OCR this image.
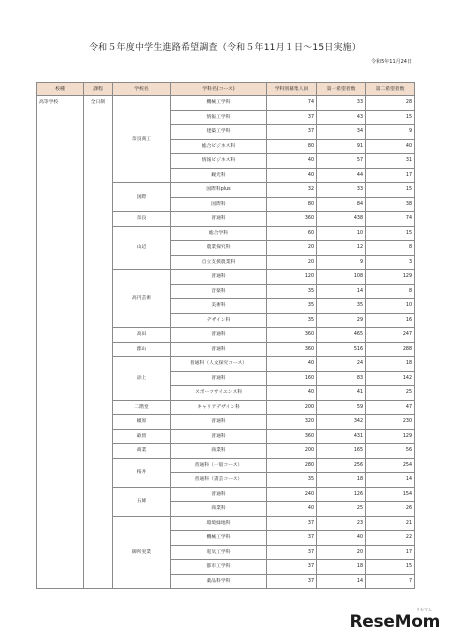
令和５年度中学生進路希望調査（令和５年11月１日～15日実施）
令和5年11月24日
校種	課程	学校名	学科名(コース)	学科別募集人員	第一希望者数	第二希望者数
高等学校	全日制	奈良商工	機械工学科	74	33	28
			情報工学科	37	43	15
			建築工学科	37	34	9
			総合ビジネス科	80	91	40
			情報ビジネス科	40	57	31
			観光科	40	44	17
		国際	国際科plus	32	33	15
			国際科	80	84	38
		奈良	普通科	360	438	74
		山辺	総合学科	60	10	15
			農業探究科	20	12	8
			自立支援農業科	20	9	3
		高円芸術	普通科	120	108	129
			音楽科	35	14	8
			美術科	35	35	10
			デザイン科	35	29	16
		高田	普通科	360	465	247
		郡山	普通科	360	516	288
		添上	普通科（人文探究コース）	40	24	18
			普通科	160	83	142
			スポーツサイエンス科	40	41	25
		二階堂	キャリアデザイン科	200	59	47
		橿原	普通科	320	342	230
		畝傍	普通科	360	431	129
		商業	商業科	200	165	56
		桜井	普通科（一般コース）	280	256	254
			普通科（書芸コース）	35	18	14
		五條	普通科	240	126	154
			商業科	40	25	26
		御所実業	環境緑地科	37	23	21
			機械工学科	37	40	22
			電気工学科	37	20	17
			都市工学科	37	18	15
			薬品科学科	37	14	7
リセマム
ReseMom
